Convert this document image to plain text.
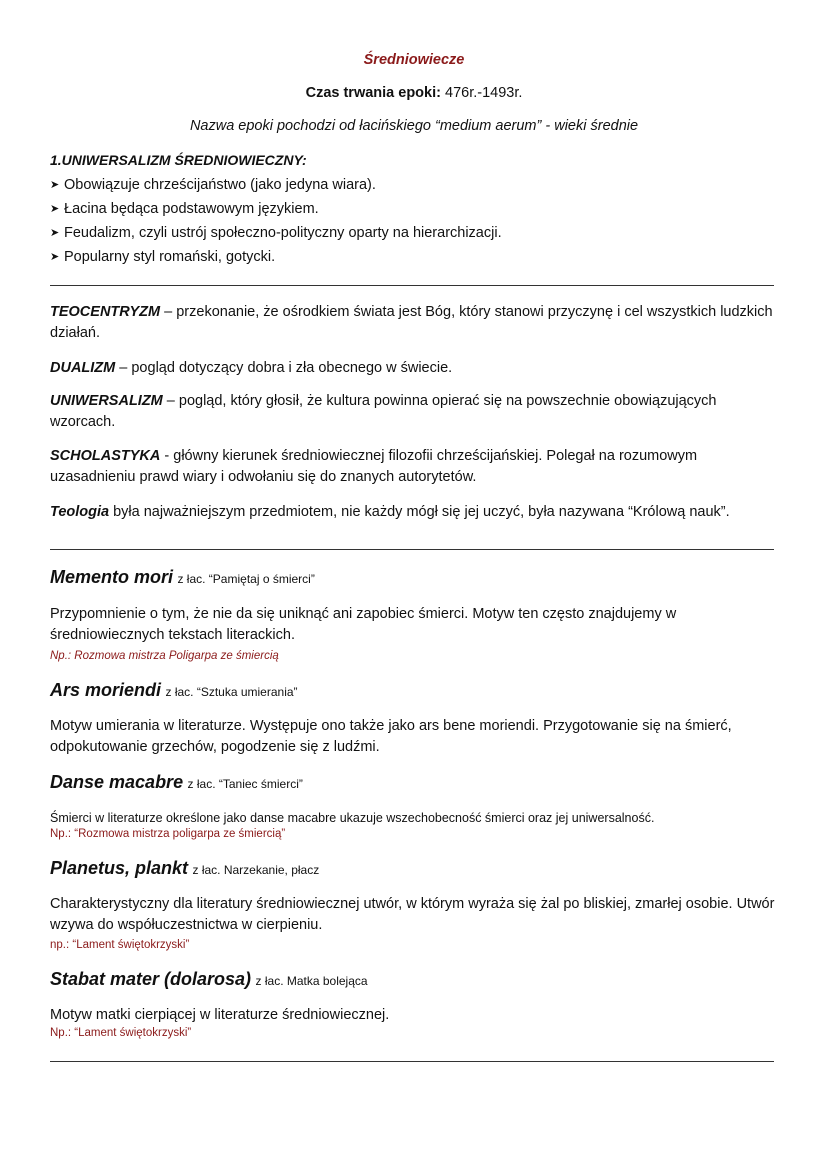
Średniowiecze
Czas trwania epoki: 476r.-1493r.
Nazwa epoki pochodzi od łacińskiego “medium aerum” - wieki średnie
1.UNIWERSALIZM ŚREDNIOWIECZNY:
➤ Obowiązuje chrześcijaństwo (jako jedyna wiara).
➤ Łacina będąca podstawowym językiem.
➤ Feudalizm, czyli ustrój społeczno-polityczny oparty na hierarchizacji.
➤ Popularny styl romański, gotycki.
TEOCENTRYZM – przekonanie, że ośrodkiem świata jest Bóg, który stanowi przyczynę i cel wszystkich ludzkich działań.
DUALIZM – pogląd dotyczący dobra i zła obecnego w świecie.
UNIWERSALIZM – pogląd, który głosił, że kultura powinna opierać się na powszechnie obowiązujących wzorcach.
SCHOLASTYKA - główny kierunek średniowiecznej filozofii chrześcijańskiej. Polegał na rozumowym uzasadnieniu prawd wiary i odwołaniu się do znanych autorytetów.
Teologia była najważniejszym przedmiotem, nie każdy mógł się jej uczyć, była nazywana “Królową nauk”.
Memento mori z łac. “Pamiętaj o śmierci”
Przypomnienie o tym, że nie da się uniknąć ani zapobiec śmierci. Motyw ten często znajdujemy w średniowiecznych tekstach literackich.
Np.: Rozmowa mistrza Poligarpa ze śmiercią
Ars moriendi z łac. “Sztuka umierania”
Motyw umierania w literaturze. Występuje ono także jako ars bene moriendi. Przygotowanie się na śmierć, odpokutowanie grzechów, pogodzenie się z ludźmi.
Danse macabre z łac. “Taniec śmierci”
Śmierci w literaturze określone jako danse macabre ukazuje wszechobecność śmierci oraz jej uniwersalność.
Np.: “Rozmowa mistrza poligarpa ze śmiercią”
Planetus, plankt z łac. Narzekanie, płacz
Charakterystyczny dla literatury średniowiecznej utwór, w którym wyraża się żal po bliskiej, zmarłej osobie. Utwór wzywa do współuczestnictwa w cierpieniu.
np.: “Lament świętokrzyski”
Stabat mater (dolarosa) z łac. Matka bolejąca
Motyw matki cierpiącej w literaturze średniowiecznej.
Np.: “Lament świętokrzyski”
